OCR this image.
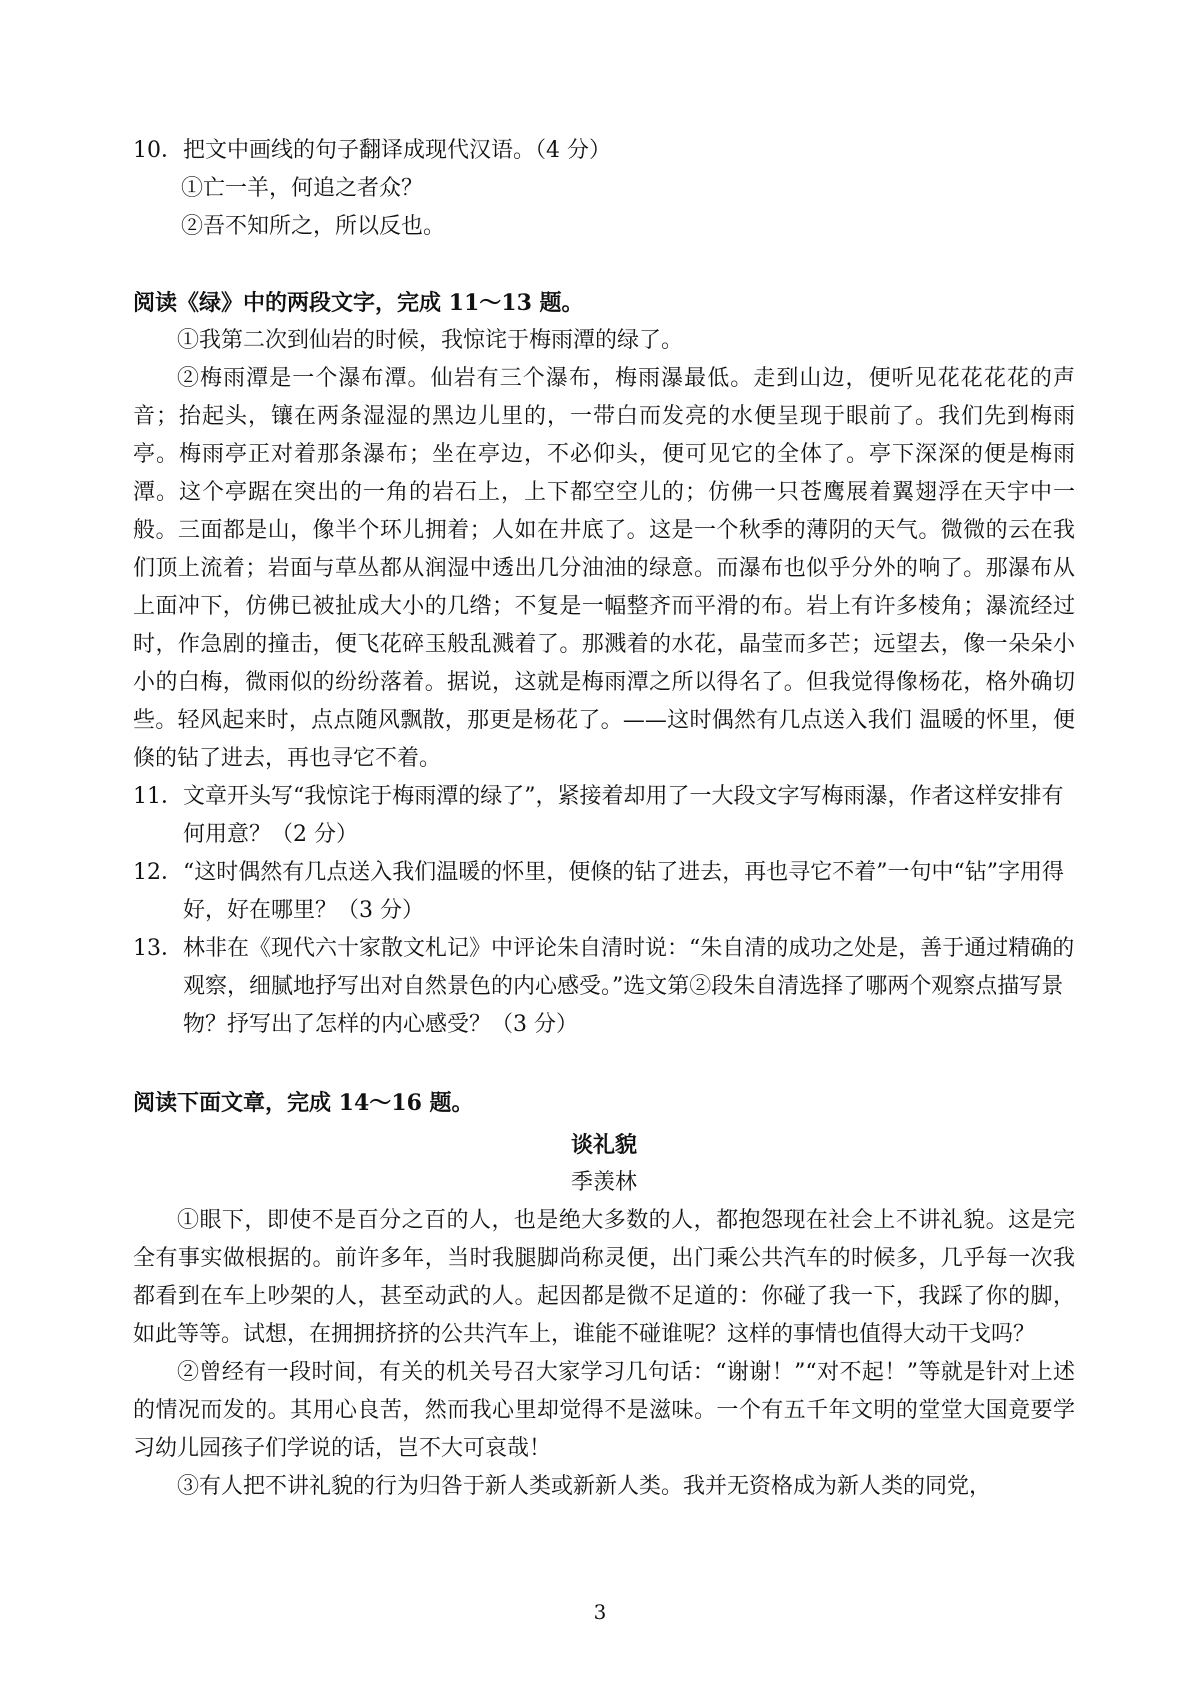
10． 把文中画线的句子翻译成现代汉语。（4 分）
①亡一羊，何追之者众？
②吾不知所之，所以反也。
阅读《绿》中的两段文字，完成 11～13 题。
①我第二次到仙岩的时候，我惊诧于梅雨潭的绿了。
②梅雨潭是一个瀑布潭。仙岩有三个瀑布，梅雨瀑最低。走到山边，便听见花花花花的声音；抬起头，镶在两条湿湿的黑边儿里的，一带白而发亮的水便呈现于眼前了。我们先到梅雨亭。梅雨亭正对着那条瀑布；坐在亭边，不必仰头，便可见它的全体了。亭下深深的便是梅雨潭。这个亭踞在突出的一角的岩石上，上下都空空儿的；仿佛一只苍鹰展着翼翅浮在天宇中一般。三面都是山，像半个环儿拥着；人如在井底了。这是一个秋季的薄阴的天气。微微的云在我们顶上流着；岩面与草丛都从润湿中透出几分油油的绿意。而瀑布也似乎分外的响了。那瀑布从上面冲下，仿佛已被扯成大小的几绺；不复是一幅整齐而平滑的布。岩上有许多棱角；瀑流经过时，作急剧的撞击，便飞花碎玉般乱溅着了。那溅着的水花，晶莹而多芒；远望去，像一朵朵小小的白梅，微雨似的纷纷落着。据说，这就是梅雨潭之所以得名了。但我觉得像杨花，格外确切些。轻风起来时，点点随风飘散，那更是杨花了。——这时偶然有几点送入我们 温暖的怀里，便倏的钻了进去，再也寻它不着。
11． 文章开头写“我惊诧于梅雨潭的绿了”，紧接着却用了一大段文字写梅雨瀑，作者这样安排有何用意？（2 分）
12． “这时偶然有几点送入我们温暖的怀里，便倏的钻了进去，再也寻它不着”一句中“钻”字用得好，好在哪里？（3 分）
13． 林非在《现代六十家散文札记》中评论朱自清时说：“朱自清的成功之处是，善于通过精确的观察，细腻地抒写出对自然景色的内心感受。”选文第②段朱自清选择了哪两个观察点描写景物？抒写出了怎样的内心感受？（3 分）
阅读下面文章，完成 14～16 题。
谈礼貌
季羡林
①眼下，即使不是百分之百的人，也是绝大多数的人，都抱怨现在社会上不讲礼貌。这是完全有事实做根据的。前许多年，当时我腿脚尚称灵便，出门乘公共汽车的时候多，几乎每一次我都看到在车上吵架的人，甚至动武的人。起因都是微不足道的：你碰了我一下，我踩了你的脚，如此等等。试想，在拥拥挤挤的公共汽车上，谁能不碰谁呢？这样的事情也值得大动干戈吗？
②曾经有一段时间，有关的机关号召大家学习几句话：“谢谢！”“对不起！”等就是针对上述的情况而发的。其用心良苦，然而我心里却觉得不是滋味。一个有五千年文明的堂堂大国竟要学习幼儿园孩子们学说的话，岂不大可哀哉！
③有人把不讲礼貌的行为归咎于新人类或新新人类。我并无资格成为新人类的同党，
3
